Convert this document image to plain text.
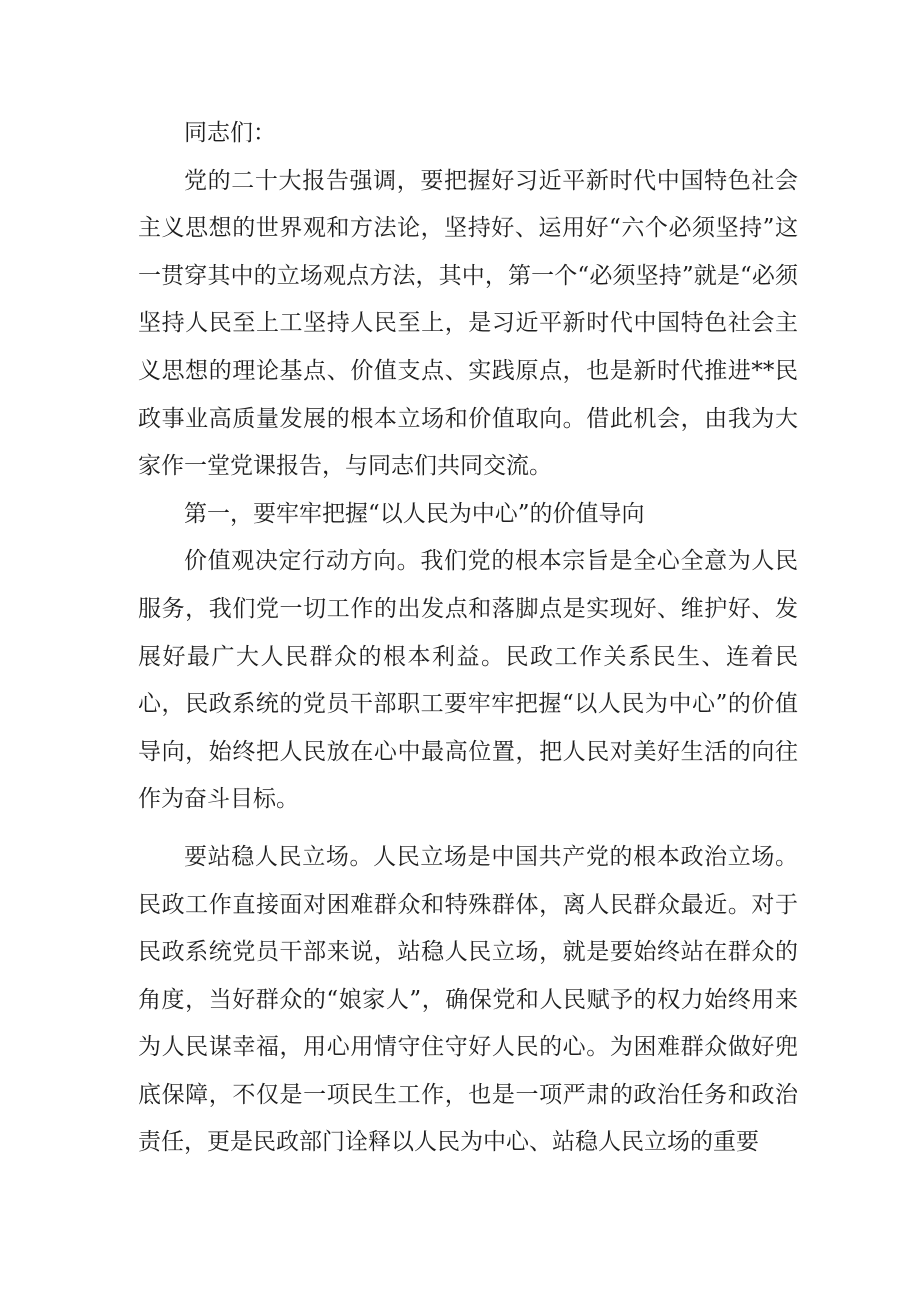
同志们：

党的二十大报告强调，要把握好习近平新时代中国特色社会主义思想的世界观和方法论，坚持好、运用好“六个必须坚持”这一贯穿其中的立场观点方法，其中，第一个“必须坚持”就是“必须坚持人民至上工坚持人民至上，是习近平新时代中国特色社会主义思想的理论基点、价值支点、实践原点，也是新时代推进**民政事业高质量发展的根本立场和价值取向。借此机会，由我为大家作一堂党课报告，与同志们共同交流。

第一，要牢牢把握“以人民为中心”的价值导向

价值观决定行动方向。我们党的根本宗旨是全心全意为人民服务，我们党一切工作的出发点和落脚点是实现好、维护好、发展好最广大人民群众的根本利益。民政工作关系民生、连着民心，民政系统的党员干部职工要牢牢把握“以人民为中心”的价值导向，始终把人民放在心中最高位置，把人民对美好生活的向往作为奋斗目标。

要站稳人民立场。人民立场是中国共产党的根本政治立场。民政工作直接面对困难群众和特殊群体，离人民群众最近。对于民政系统党员干部来说，站稳人民立场，就是要始终站在群众的角度，当好群众的“娘家人”，确保党和人民赋予的权力始终用来为人民谋幸福，用心用情守住守好人民的心。为困难群众做好兜底保障，不仅是一项民生工作，也是一项严肃的政治任务和政治责任，更是民政部门诠释以人民为中心、站稳人民立场的重要
